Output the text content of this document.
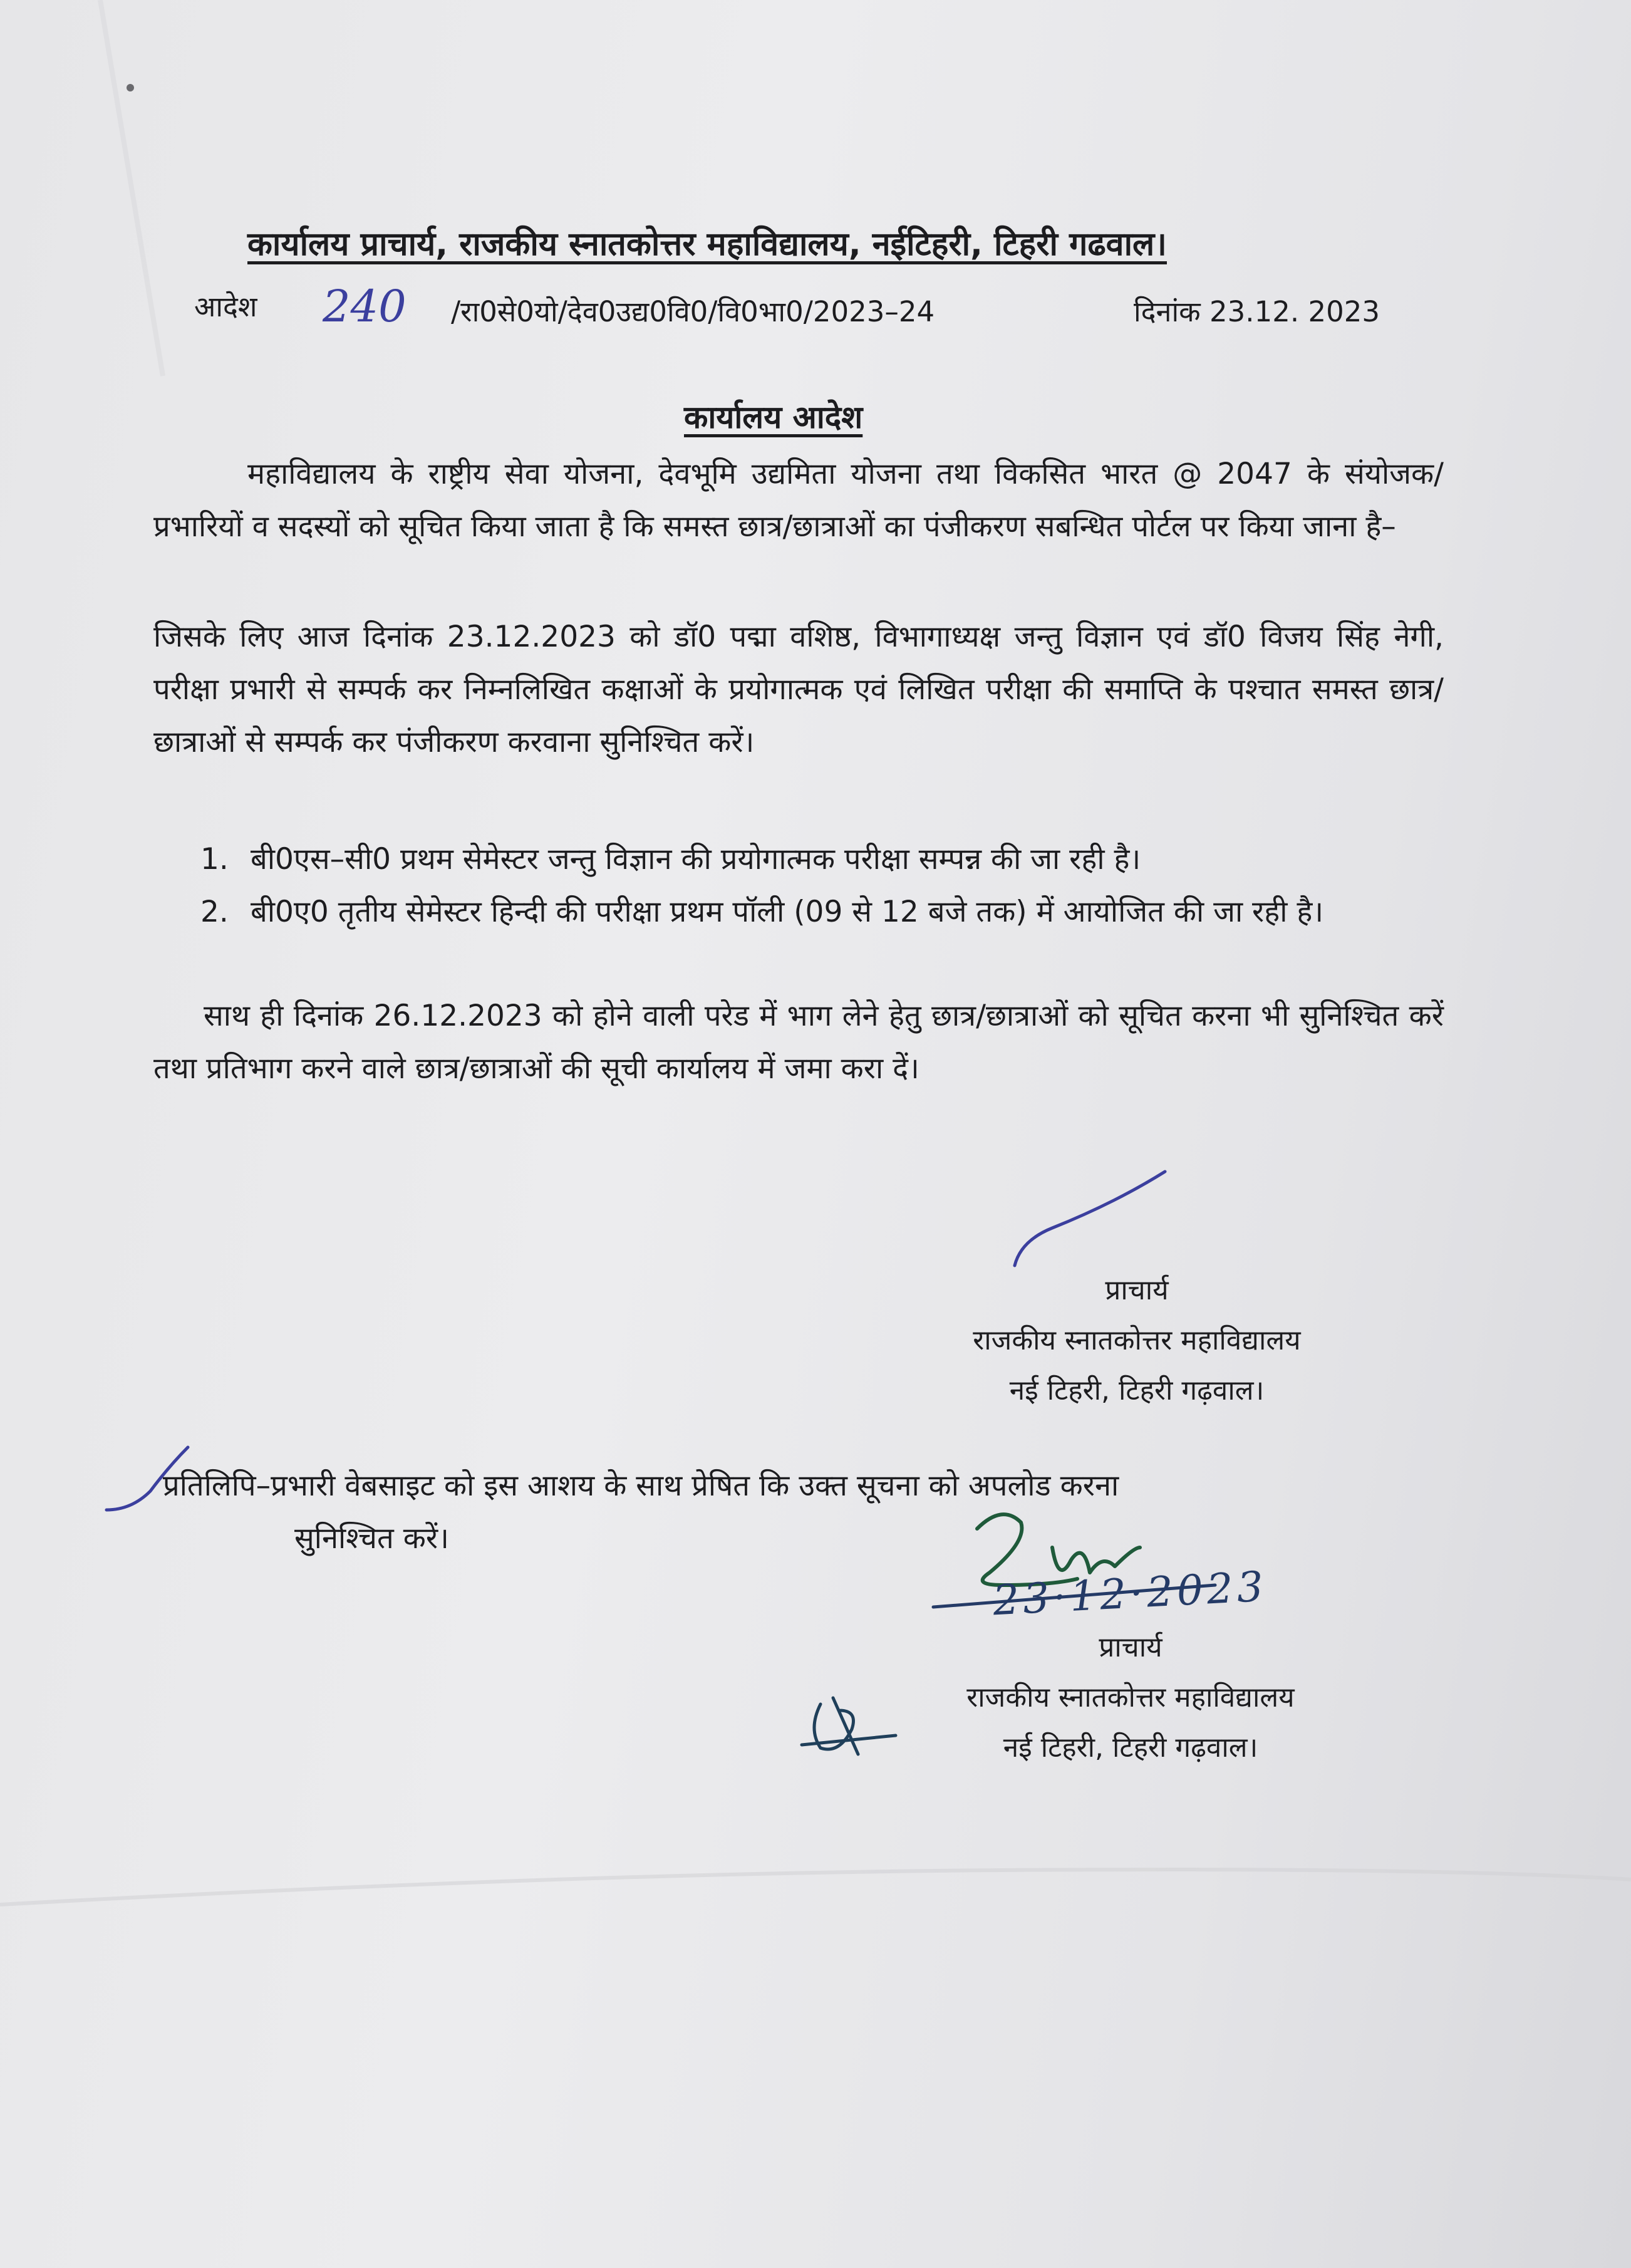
कार्यालय प्राचार्य, राजकीय स्नातकोत्तर महाविद्यालय, नईटिहरी, टिहरी गढवाल।
आदेश 240 /रा0से0यो/देव0उद्य0वि0/वि0भा0/2023–24	दिनांक 23.12. 2023
कार्यालय आदेश
महाविद्यालय के राष्ट्रीय सेवा योजना, देवभूमि उद्यमिता योजना तथा विकसित भारत @ 2047 के संयोजक/प्रभारियों व सदस्यों को सूचित किया जाता है कि समस्त छात्र/छात्राओं का पंजीकरण सबन्धित पोर्टल पर किया जाना है–
जिसके लिए आज दिनांक 23.12.2023 को डॉ0 पद्मा वशिष्ठ, विभागाध्यक्ष जन्तु विज्ञान एवं डॉ0 विजय सिंह नेगी, परीक्षा प्रभारी से सम्पर्क कर निम्नलिखित कक्षाओं के प्रयोगात्मक एवं लिखित परीक्षा की समाप्ति के पश्चात समस्त छात्र/छात्राओं से सम्पर्क कर पंजीकरण करवाना सुनिश्चित करें।
1. बी0एस–सी0 प्रथम सेमेस्टर जन्तु विज्ञान की प्रयोगात्मक परीक्षा सम्पन्न की जा रही है।
2. बी0ए0 तृतीय सेमेस्टर हिन्दी की परीक्षा प्रथम पॉली (09 से 12 बजे तक) में आयोजित की जा रही है।
साथ ही दिनांक 26.12.2023 को होने वाली परेड में भाग लेने हेतु छात्र/छात्राओं को सूचित करना भी सुनिश्चित करें तथा प्रतिभाग करने वाले छात्र/छात्राओं की सूची कार्यालय में जमा करा दें।
प्राचार्य
राजकीय स्नातकोत्तर महाविद्यालय
नई टिहरी, टिहरी गढ़वाल।
प्रतिलिपि–प्रभारी वेबसाइट को इस आशय के साथ प्रेषित कि उक्त सूचना को अपलोड करना
सुनिश्चित करें।
23·12·2023
प्राचार्य
राजकीय स्नातकोत्तर महाविद्यालय
नई टिहरी, टिहरी गढ़वाल।
